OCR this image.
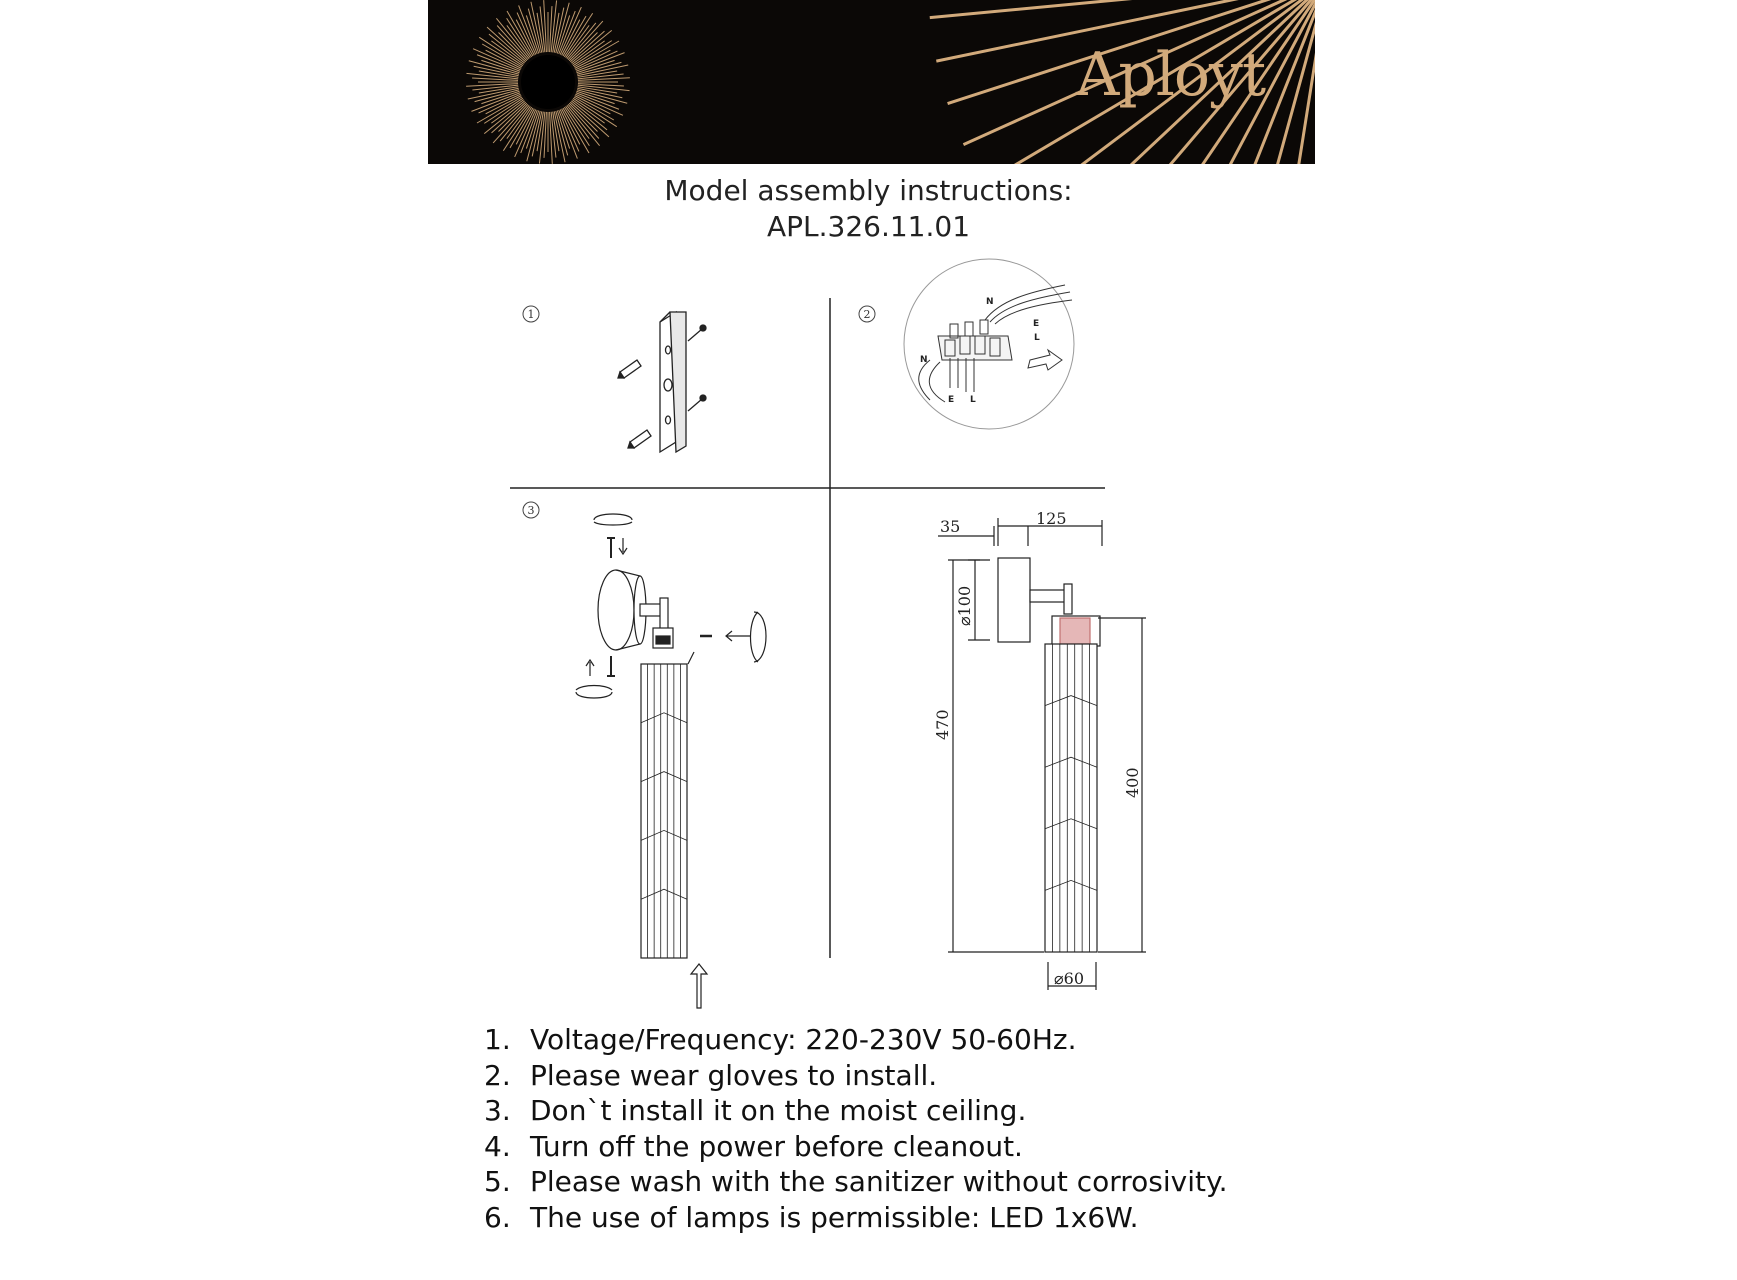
Aployt
Model assembly instructions:
APL.326.11.01
1	2
3
N
E
L
N
E L
35	125
⌀100
470
400
⌀60
1. Voltage/Frequency: 220-230V 50-60Hz.
2. Please wear gloves to install.
3. Don`t install it on the moist ceiling.
4. Turn off the power before cleanout.
5. Please wash with the sanitizer without corrosivity.
6. The use of lamps is permissible: LED 1x6W.
